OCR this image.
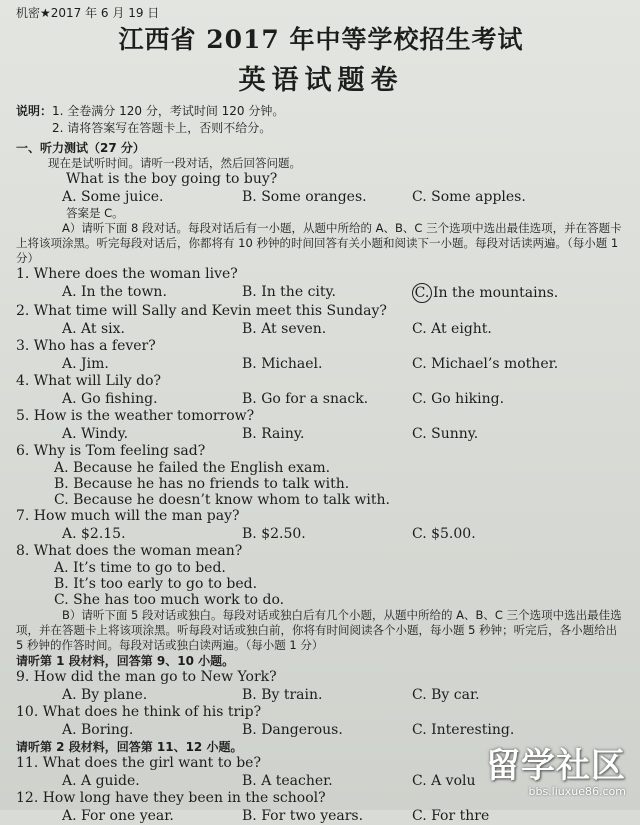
机密★2017 年 6 月 19 日
江西省 2017 年中等学校招生考试
英语试题卷
说明：1. 全卷满分 120 分，考试时间 120 分钟。
2. 请将答案写在答题卡上，否则不给分。
一、听力测试（27 分）
现在是试听时间。请听一段对话，然后回答问题。
What is the boy going to buy?
A. Some juice.	B. Some oranges.	C. Some apples.
答案是 C。
A）请听下面 8 段对话。每段对话后有一小题，从题中所给的 A、B、C 三个选项中选出最佳选项，并在答题卡上将该项涂黑。听完每段对话后，你都将有 10 秒钟的时间回答有关小题和阅读下一小题。每段对话读两遍。（每小题 1 分）
1. Where does the woman live?
A. In the town.	B. In the city.	C. In the mountains.
2. What time will Sally and Kevin meet this Sunday?
A. At six.	B. At seven.	C. At eight.
3. Who has a fever?
A. Jim.	B. Michael.	C. Michael’s mother.
4. What will Lily do?
A. Go fishing.	B. Go for a snack.	C. Go hiking.
5. How is the weather tomorrow?
A. Windy.	B. Rainy.	C. Sunny.
6. Why is Tom feeling sad?
A. Because he failed the English exam.
B. Because he has no friends to talk with.
C. Because he doesn’t know whom to talk with.
7. How much will the man pay?
A. $2.15.	B. $2.50.	C. $5.00.
8. What does the woman mean?
A. It’s time to go to bed.
B. It’s too early to go to bed.
C. She has too much work to do.
B）请听下面 5 段对话或独白。每段对话或独白后有几个小题，从题中所给的 A、B、C 三个选项中选出最佳选项，并在答题卡上将该项涂黑。听每段对话或独白前，你将有时间阅读各个小题，每小题 5 秒钟；听完后，各小题给出 5 秒钟的作答时间。每段对话或独白读两遍。（每小题 1 分）
请听第 1 段材料，回答第 9、10 小题。
9. How did the man go to New York?
A. By plane.	B. By train.	C. By car.
10. What does he think of his trip?
A. Boring.	B. Dangerous.	C. Interesting.
请听第 2 段材料，回答第 11、12 小题。
11. What does the girl want to be?
A. A guide.	B. A teacher.	C. A volu
12. How long have they been in the school?
A. For one year.	B. For two years.	C. For thre
留学社区
bbs.liuxue86.com
